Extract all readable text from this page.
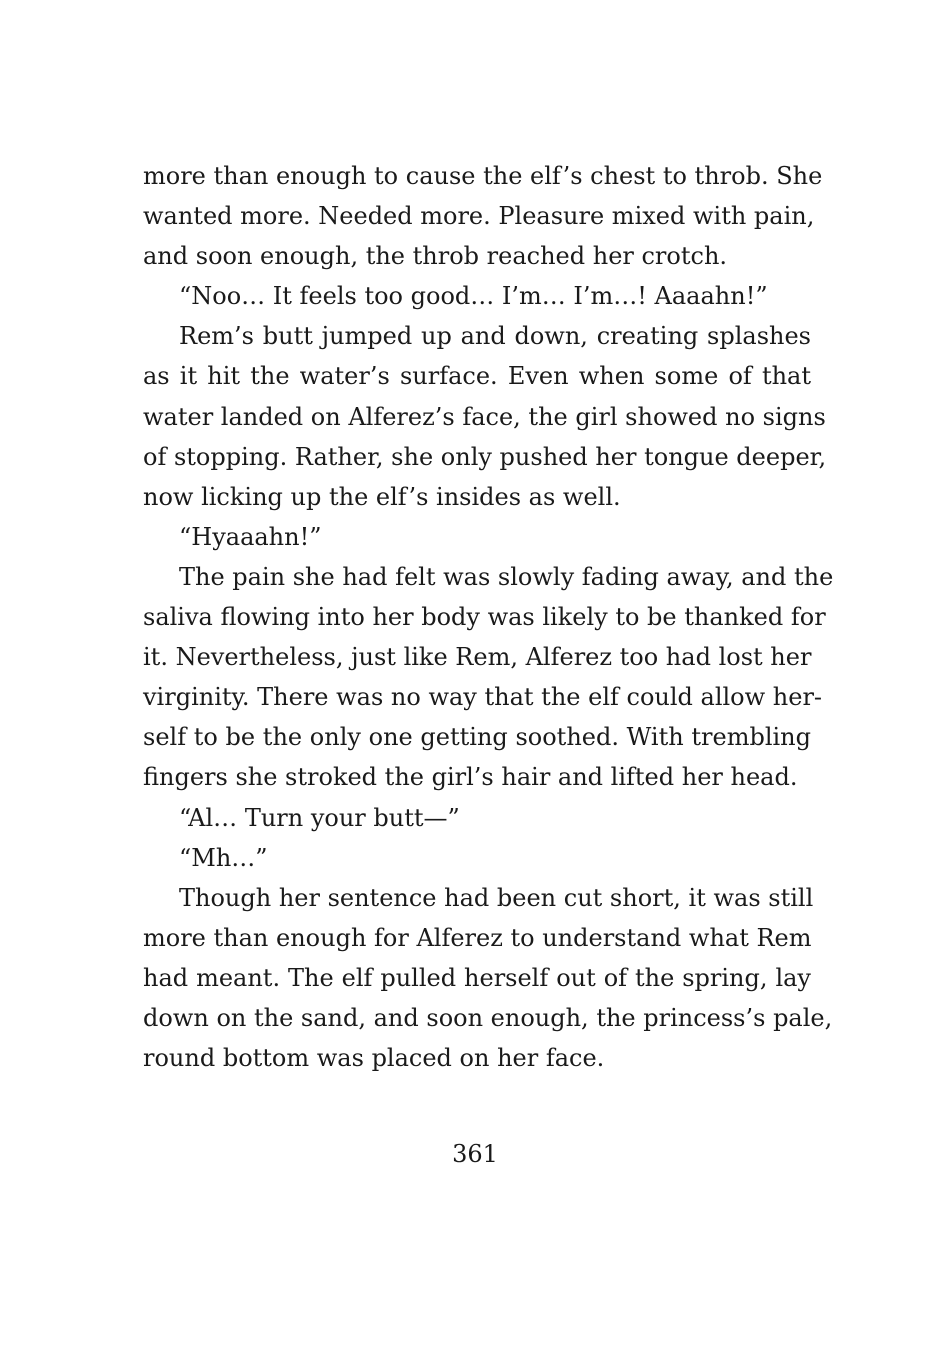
more than enough to cause the elf’s chest to throb. She
wanted more. Needed more. Pleasure mixed with pain,
and soon enough, the throb reached her crotch.
“Noo… It feels too good… I’m… I’m…! Aaaahn!”
Rem’s butt jumped up and down, creating splashes
as it hit the water’s surface. Even when some of that
water landed on Alferez’s face, the girl showed no signs
of stopping. Rather, she only pushed her tongue deeper,
now licking up the elf’s insides as well.
“Hyaaahn!”
The pain she had felt was slowly fading away, and the
saliva flowing into her body was likely to be thanked for
it. Nevertheless, just like Rem, Alferez too had lost her
virginity. There was no way that the elf could allow her-
self to be the only one getting soothed. With trembling
fingers she stroked the girl’s hair and lifted her head.
“Al… Turn your butt—”
“Mh…”
Though her sentence had been cut short, it was still
more than enough for Alferez to understand what Rem
had meant. The elf pulled herself out of the spring, lay
down on the sand, and soon enough, the princess’s pale,
round bottom was placed on her face.
361
